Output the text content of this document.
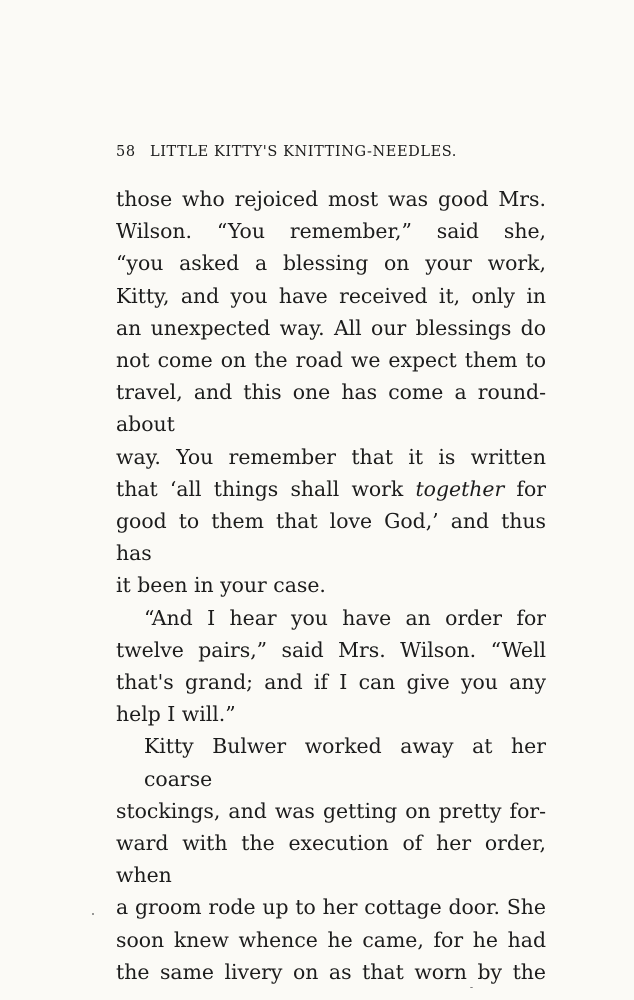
58 LITTLE KITTY'S KNITTING-NEEDLES.
those who rejoiced most was good Mrs.
Wilson. “You remember,” said she,
“you asked a blessing on your work,
Kitty, and you have received it, only in
an unexpected way. All our blessings do
not come on the road we expect them to
travel, and this one has come a round-about
way. You remember that it is written
that ‘all things shall work together for
good to them that love God,’ and thus has
it been in your case.
“And I hear you have an order for
twelve pairs,” said Mrs. Wilson. “Well
that's grand; and if I can give you any
help I will.”
Kitty Bulwer worked away at her coarse
stockings, and was getting on pretty for-
ward with the execution of her order, when
a groom rode up to her cottage door. She
soon knew whence he came, for he had
the same livery on as that worn by the
